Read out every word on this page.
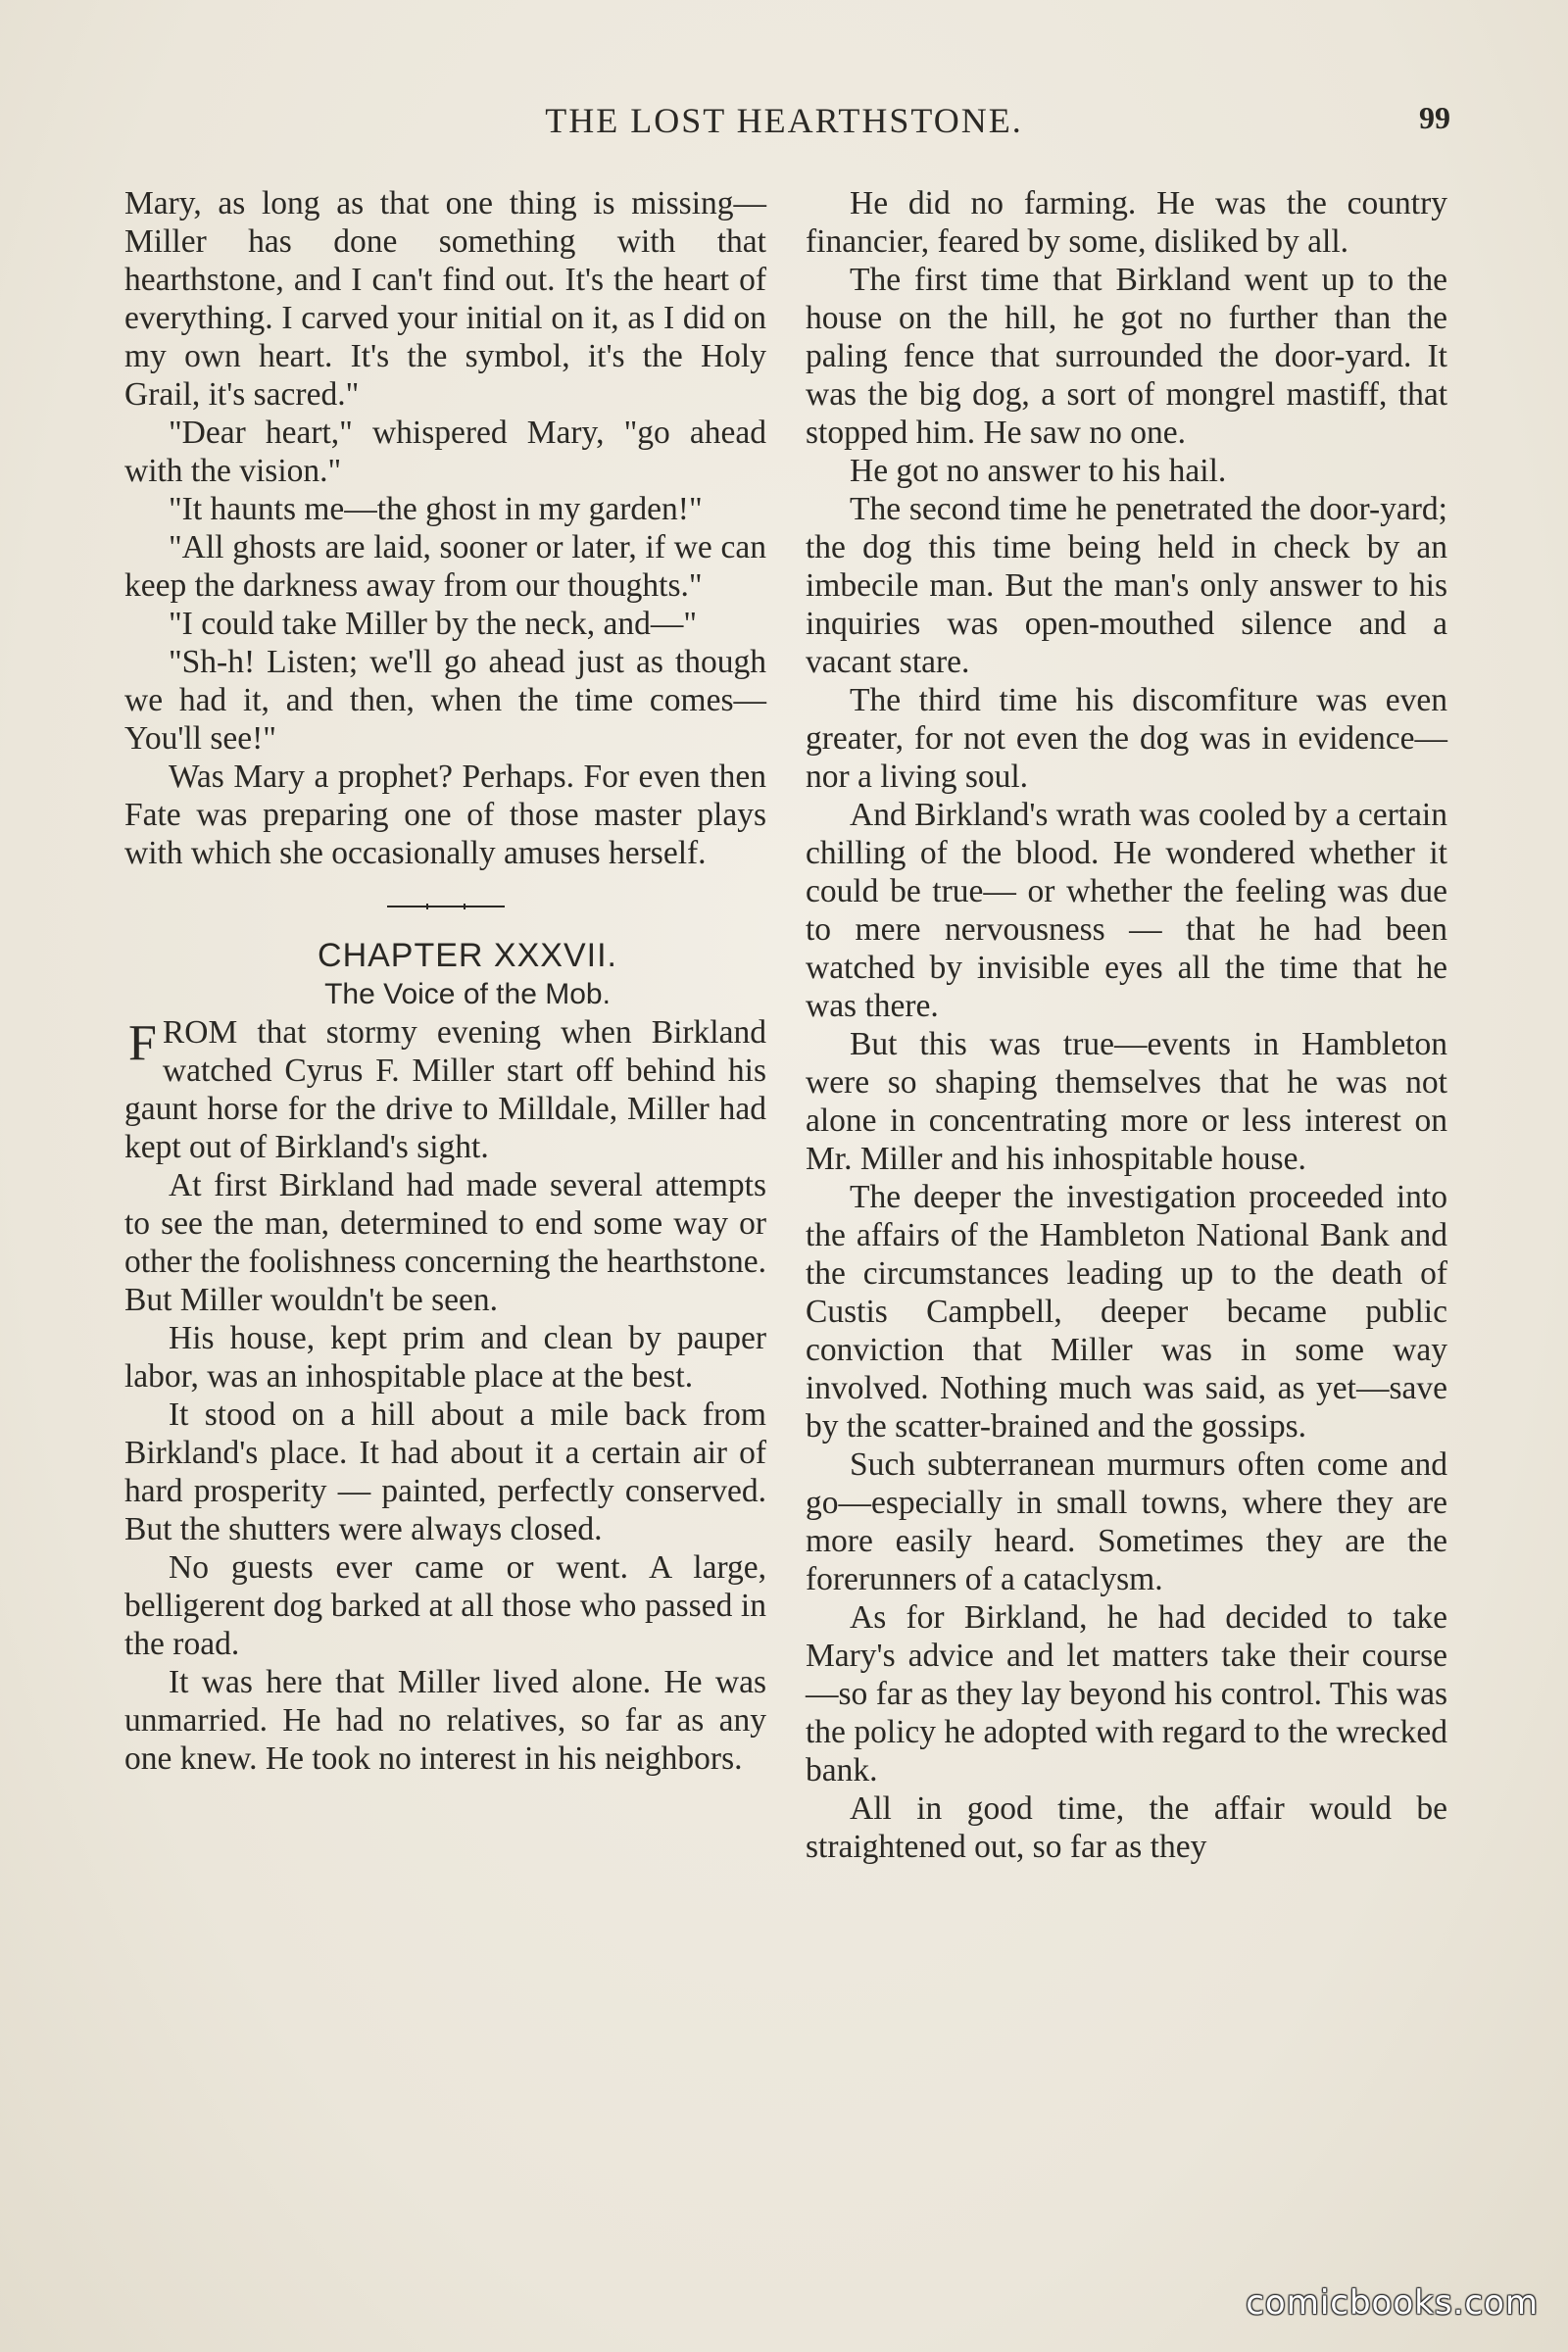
THE LOST HEARTHSTONE.	99

Mary, as long as that one thing is missing—Miller has done something with that hearthstone, and I can't find out. It's the heart of everything. I carved your initial on it, as I did on my own heart. It's the symbol, it's the Holy Grail, it's sacred."

"Dear heart," whispered Mary, "go ahead with the vision."

"It haunts me—the ghost in my garden!"

"All ghosts are laid, sooner or later, if we can keep the darkness away from our thoughts."

"I could take Miller by the neck, and—"

"Sh-h! Listen; we'll go ahead just as though we had it, and then, when the time comes— You'll see!"

Was Mary a prophet? Perhaps. For even then Fate was preparing one of those master plays with which she occasionally amuses herself.

CHAPTER XXXVII.

The Voice of the Mob.

FROM that stormy evening when Birkland watched Cyrus F. Miller start off behind his gaunt horse for the drive to Milldale, Miller had kept out of Birkland's sight.

At first Birkland had made several attempts to see the man, determined to end some way or other the foolishness concerning the hearthstone. But Miller wouldn't be seen.

His house, kept prim and clean by pauper labor, was an inhospitable place at the best.

It stood on a hill about a mile back from Birkland's place. It had about it a certain air of hard prosperity — painted, perfectly conserved. But the shutters were always closed.

No guests ever came or went. A large, belligerent dog barked at all those who passed in the road.

It was here that Miller lived alone. He was unmarried. He had no relatives, so far as any one knew. He took no interest in his neighbors.

He did no farming. He was the country financier, feared by some, disliked by all.

The first time that Birkland went up to the house on the hill, he got no further than the paling fence that surrounded the door-yard. It was the big dog, a sort of mongrel mastiff, that stopped him. He saw no one.

He got no answer to his hail.

The second time he penetrated the door-yard; the dog this time being held in check by an imbecile man. But the man's only answer to his inquiries was open-mouthed silence and a vacant stare.

The third time his discomfiture was even greater, for not even the dog was in evidence—nor a living soul.

And Birkland's wrath was cooled by a certain chilling of the blood. He wondered whether it could be true— or whether the feeling was due to mere nervousness — that he had been watched by invisible eyes all the time that he was there.

But this was true—events in Hambleton were so shaping themselves that he was not alone in concentrating more or less interest on Mr. Miller and his inhospitable house.

The deeper the investigation proceeded into the affairs of the Hambleton National Bank and the circumstances leading up to the death of Custis Campbell, deeper became public conviction that Miller was in some way involved. Nothing much was said, as yet—save by the scatter-brained and the gossips.

Such subterranean murmurs often come and go—especially in small towns, where they are more easily heard. Sometimes they are the forerunners of a cataclysm.

As for Birkland, he had decided to take Mary's advice and let matters take their course—so far as they lay beyond his control. This was the policy he adopted with regard to the wrecked bank.

All in good time, the affair would be straightened out, so far as they

comicbooks.com
